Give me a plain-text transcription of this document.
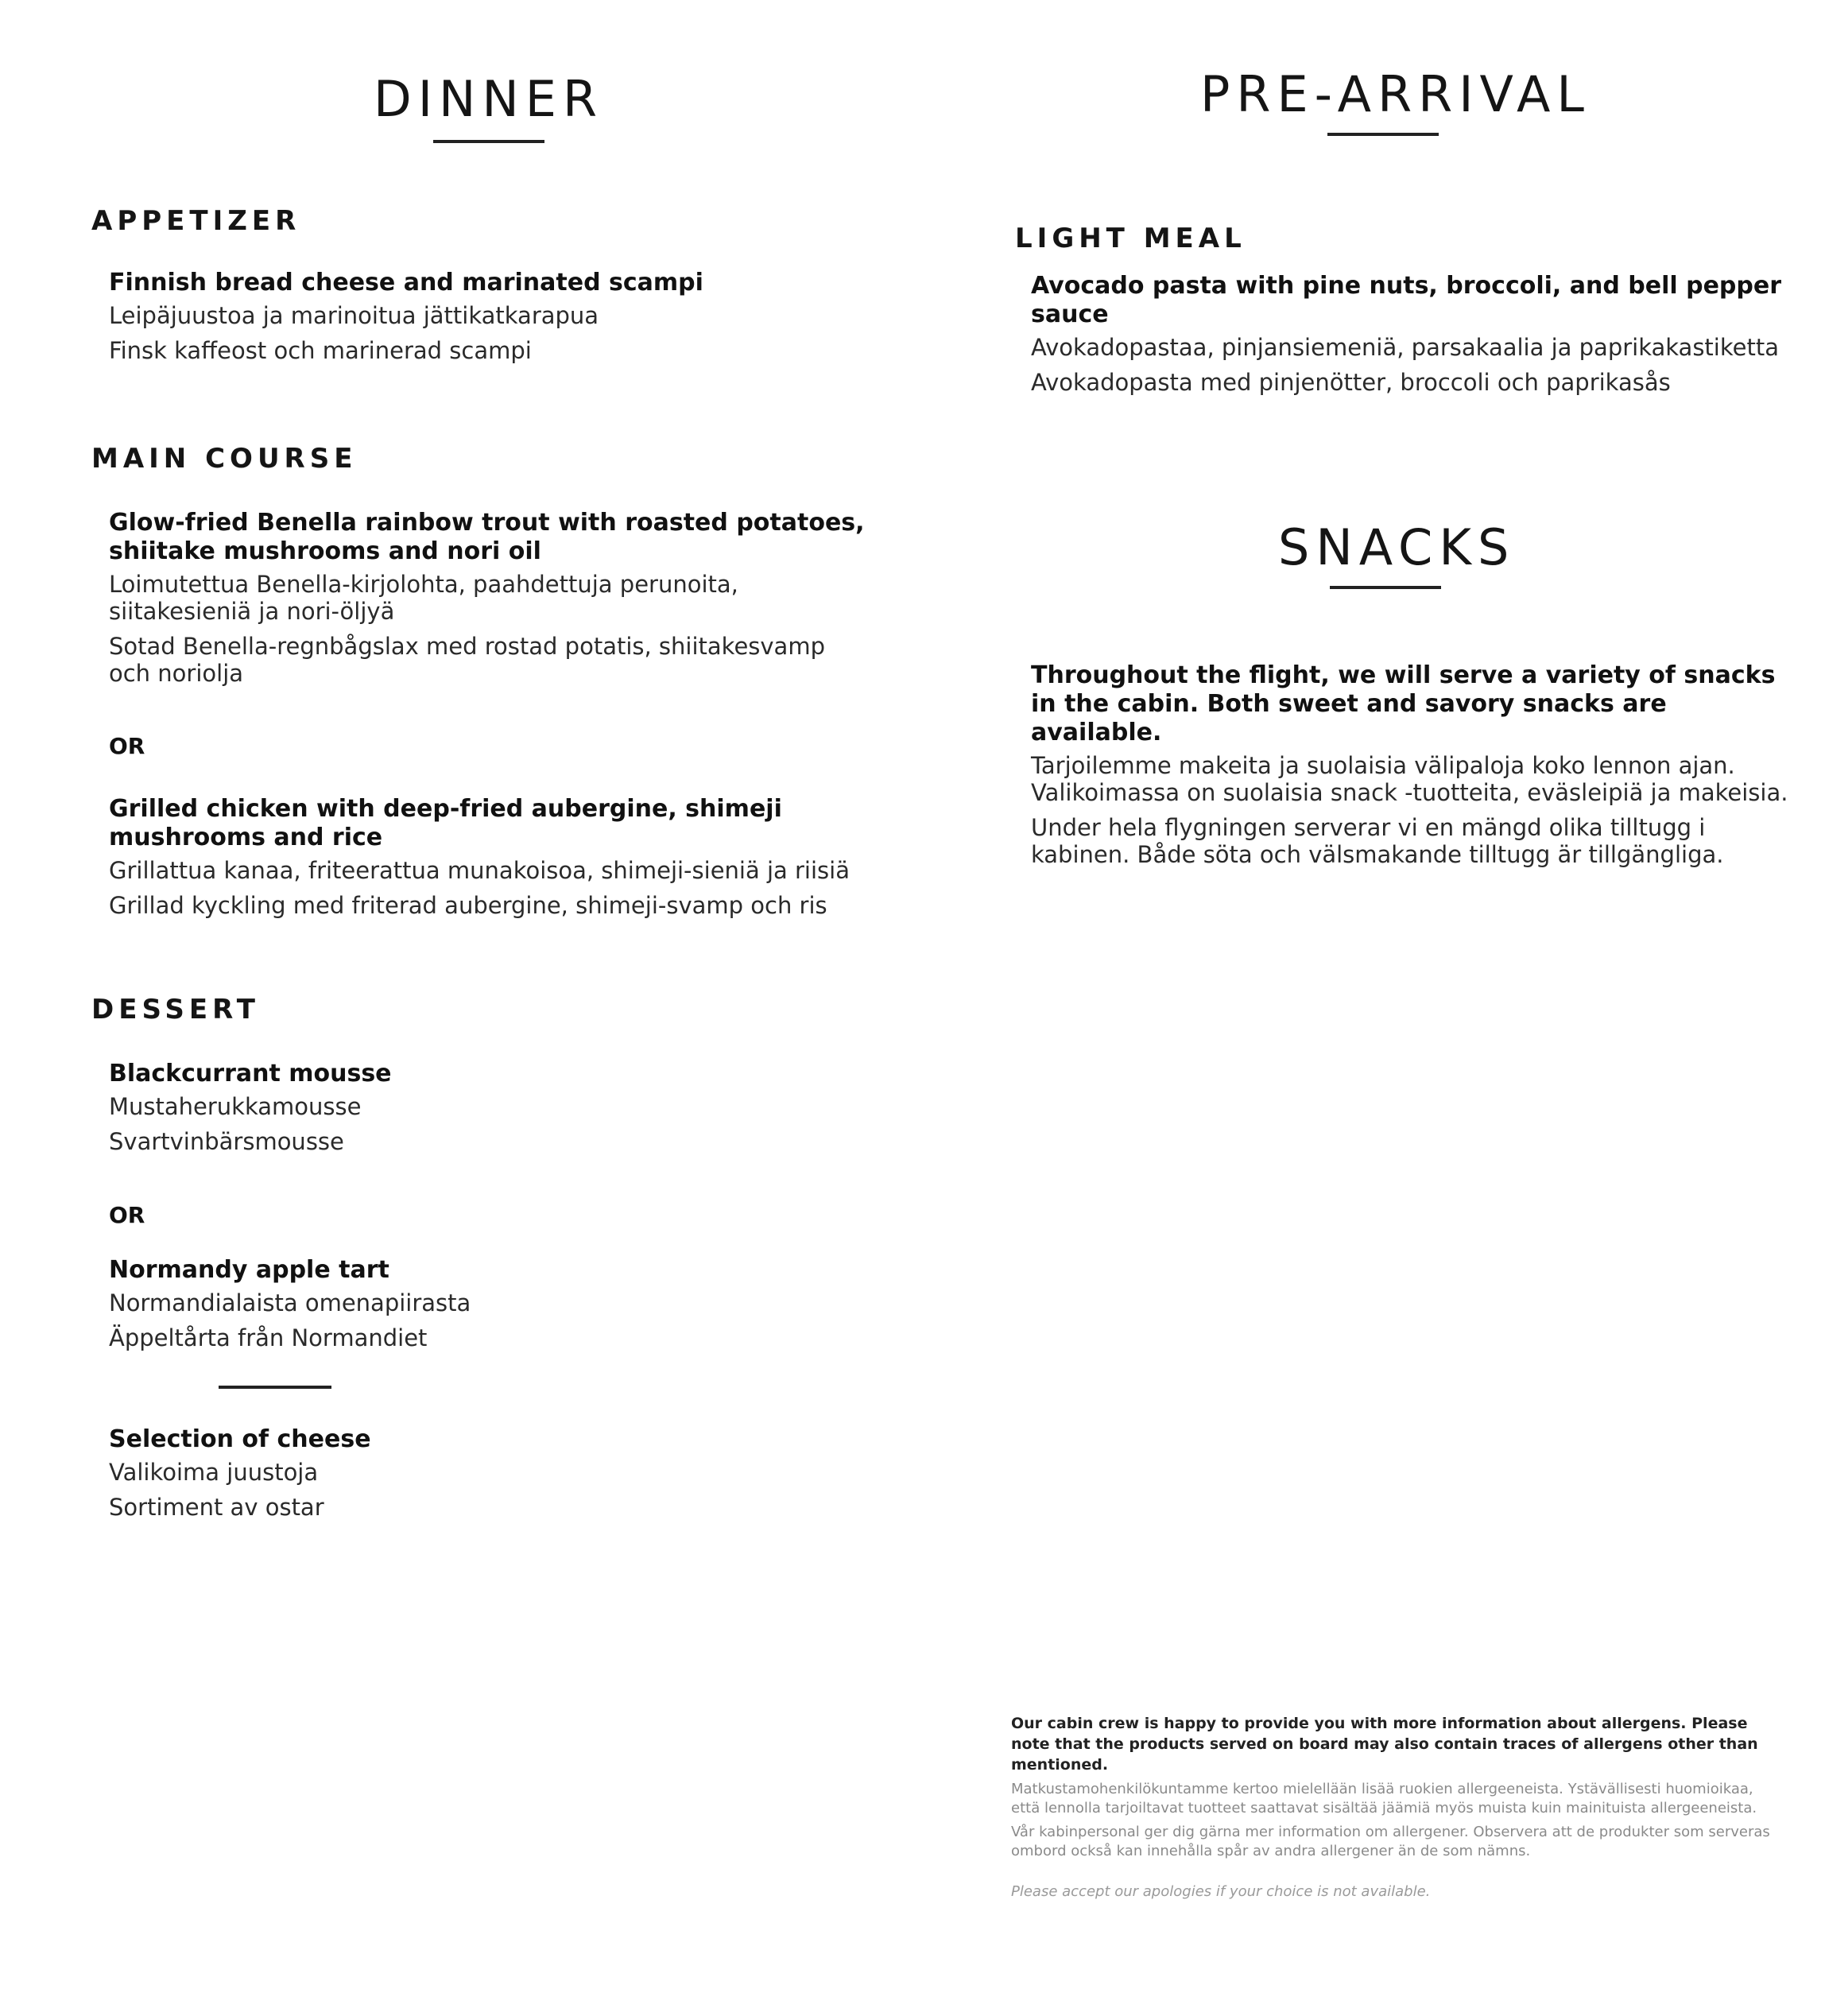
DINNER
APPETIZER
Finnish bread cheese and marinated scampi
Leipäjuustoa ja marinoitua jättikatkarapua
Finsk kaffeost och marinerad scampi
MAIN COURSE
Glow-fried Benella rainbow trout with roasted potatoes, shiitake mushrooms and nori oil
Loimutettua Benella-kirjolohta, paahdettuja perunoita, siitakesieniä ja nori-öljyä
Sotad Benella-regnbågslax med rostad potatis, shiitakesvamp och noriolja
OR
Grilled chicken with deep-fried aubergine, shimeji mushrooms and rice
Grillattua kanaa, friteerattua munakoisoa, shimeji-sieniä ja riisiä
Grillad kyckling med friterad aubergine, shimeji-svamp och ris
DESSERT
Blackcurrant mousse
Mustaherukkamousse
Svartvinbärsmousse
OR
Normandy apple tart
Normandialaista omenapiirasta
Äppeltårta från Normandiet
Selection of cheese
Valikoima juustoja
Sortiment av ostar
PRE-ARRIVAL
LIGHT MEAL
Avocado pasta with pine nuts, broccoli, and bell pepper sauce
Avokadopastaa, pinjansiemeniä, parsakaalia ja paprikakastiketta
Avokadopasta med pinjenötter, broccoli och paprikasås
SNACKS
Throughout the flight, we will serve a variety of snacks in the cabin. Both sweet and savory snacks are available.
Tarjoilemme makeita ja suolaisia välipaloja koko lennon ajan. Valikoimassa on suolaisia snack -tuotteita, eväsleipiä ja makeisia.
Under hela flygningen serverar vi en mängd olika tilltugg i kabinen. Både söta och välsmakande tilltugg är tillgängliga.
Our cabin crew is happy to provide you with more information about allergens. Please note that the products served on board may also contain traces of allergens other than mentioned.
Matkustamohenkilökuntamme kertoo mielellään lisää ruokien allergeeneista. Ystävällisesti huomioikaa, että lennolla tarjoiltavat tuotteet saattavat sisältää jäämiä myös muista kuin mainituista allergeeneista.
Vår kabinpersonal ger dig gärna mer information om allergener. Observera att de produkter som serveras ombord också kan innehålla spår av andra allergener än de som nämns.
Please accept our apologies if your choice is not available.
